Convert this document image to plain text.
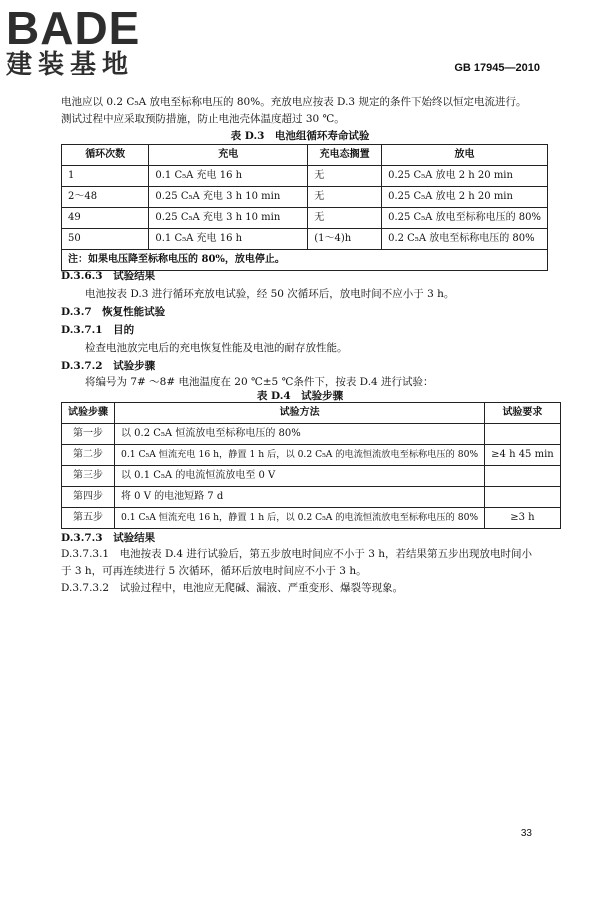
BADE
建装基地	GB 17945—2010
电池应以 0.2 C₅A 放电至标称电压的 80%。充放电应按表 D.3 规定的条件下始终以恒定电流进行。
测试过程中应采取预防措施，防止电池壳体温度超过 30 ℃。
表 D.3　电池组循环寿命试验
循环次数	充电	充电态搁置	放电
1	0.1 C₅A 充电 16 h	无	0.25 C₅A 放电 2 h 20 min
2～48	0.25 C₅A 充电 3 h 10 min	无	0.25 C₅A 放电 2 h 20 min
49	0.25 C₅A 充电 3 h 10 min	无	0.25 C₅A 放电至标称电压的 80%
50	0.1 C₅A 充电 16 h	(1～4)h	0.2 C₅A 放电至标称电压的 80%
注：如果电压降至标称电压的 80%，放电停止。			
D.3.6.3　试验结果
电池按表 D.3 进行循环充放电试验，经 50 次循环后，放电时间不应小于 3 h。
D.3.7　恢复性能试验
D.3.7.1　目的
检查电池放完电后的充电恢复性能及电池的耐存放性能。
D.3.7.2　试验步骤
将编号为 7# ～8# 电池温度在 20 ℃±5 ℃条件下，按表 D.4 进行试验：
表 D.4　试验步骤
试验步骤	试验方法	试验要求
第一步	以 0.2 C₅A 恒流放电至标称电压的 80%	
第二步	0.1 C₅A 恒流充电 16 h，静置 1 h 后，以 0.2 C₅A 的电流恒流放电至标称电压的 80%	≥4 h 45 min
第三步	以 0.1 C₅A 的电流恒流放电至 0 V	
第四步	将 0 V 的电池短路 7 d	
第五步	0.1 C₅A 恒流充电 16 h，静置 1 h 后，以 0.2 C₅A 的电流恒流放电至标称电压的 80%	≥3 h
D.3.7.3　试验结果
D.3.7.3.1　电池按表 D.4 进行试验后，第五步放电时间应不小于 3 h，若结果第五步出现放电时间小
于 3 h，可再连续进行 5 次循环，循环后放电时间应不小于 3 h。
D.3.7.3.2　试验过程中，电池应无爬碱、漏液、严重变形、爆裂等现象。
33
